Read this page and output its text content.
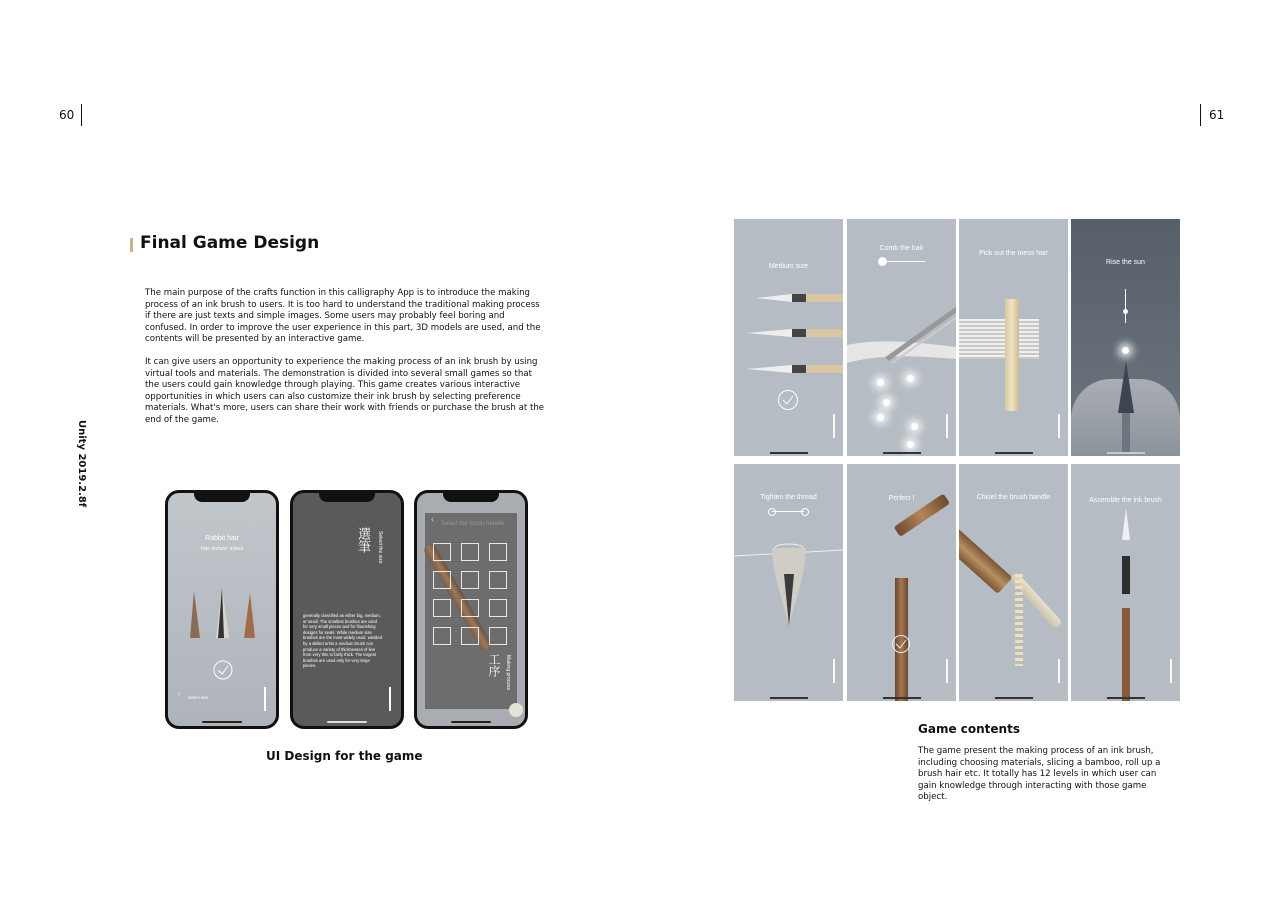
60
Unity 2019.2.8f
Final Game Design

The main purpose of the crafts function in this calligraphy App is to introduce the making process of an ink brush to users. It is too hard to understand the traditional making process if there are just texts and simple images. Some users may probably feel boring and confused. In order to improve the user experience in this part, 3D models are used, and the contents will be presented by an interactive game.

It can give users an opportunity to experience the making process of an ink brush by using virtual tools and materials. The demonstration is divided into several small games so that the users could gain knowledge through playing. This game creates various interactive opportunities in which users can also customize their ink brush by selecting preference materials. What's more, users can share their work with friends or purchase the brush at the end of the game.

Rabbit hair
Hair texture: mixed
‹ Select size
選筆 Select the size
generally classified as either big, medium, or small. The smallest brushes are used for very small pieces and for flourishing designs for seals. While medium size brushes are the most widely used. wielded by a skilled artist a medium brush can produce a variety of thicknesses of line from very thin to fairly thick. The largest brushes are used only for very large pieces.
‹ Select the brush handle
工序 Making process
UI Design for the game
61
Medium size
Comb the hair
Pick out the mess hair
Rise the sun
Tighten the thread	Perfect !	Chisel the brush handle	Assemble the ink brush
Game contents
The game present the making process of an ink brush, including choosing materials, slicing a bamboo, roll up a brush hair etc. It totally has 12 levels in which user can gain knowledge through interacting with those game object.
